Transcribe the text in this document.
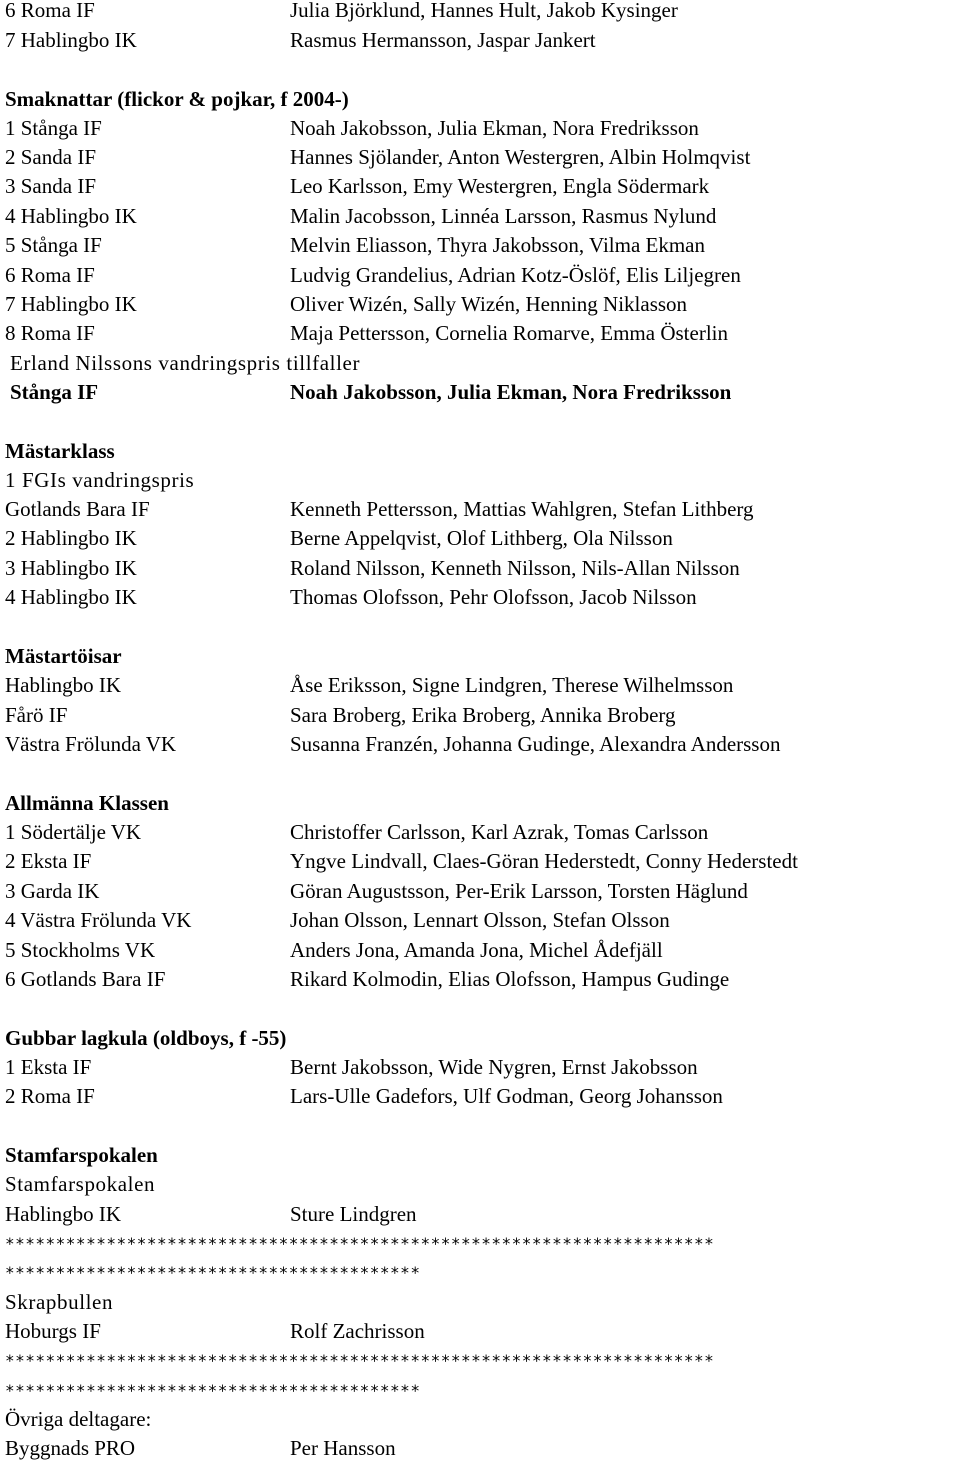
6 Roma IF	Julia Björklund, Hannes Hult, Jakob Kysinger
7 Hablingbo IK	Rasmus Hermansson, Jaspar Jankert
Smaknattar (flickor & pojkar, f 2004-)
1 Stånga IF	Noah Jakobsson, Julia Ekman, Nora Fredriksson
2 Sanda IF	Hannes Sjölander, Anton Westergren, Albin Holmqvist
3 Sanda IF	Leo Karlsson, Emy Westergren, Engla Södermark
4 Hablingbo IK	Malin Jacobsson, Linnéa Larsson, Rasmus Nylund
5 Stånga IF	Melvin Eliasson, Thyra Jakobsson, Vilma Ekman
6 Roma IF	Ludvig Grandelius, Adrian Kotz-Öslöf, Elis Liljegren
7 Hablingbo IK	Oliver Wizén, Sally Wizén, Henning Niklasson
8 Roma IF	Maja Pettersson, Cornelia Romarve, Emma Österlin
Erland Nilssons vandringspris tillfaller
Stånga IF	Noah Jakobsson, Julia Ekman, Nora Fredriksson
Mästarklass
1 FGIs vandringspris
Gotlands Bara IF	Kenneth Pettersson, Mattias Wahlgren, Stefan Lithberg
2 Hablingbo IK	Berne Appelqvist, Olof Lithberg, Ola Nilsson
3 Hablingbo IK	Roland Nilsson, Kenneth Nilsson, Nils-Allan Nilsson
4 Hablingbo IK	Thomas Olofsson, Pehr Olofsson, Jacob Nilsson
Mästartöisar
Hablingbo IK	Åse Eriksson, Signe Lindgren, Therese Wilhelmsson
Fårö IF	Sara Broberg, Erika Broberg, Annika Broberg
Västra Frölunda VK	Susanna Franzén, Johanna Gudinge, Alexandra Andersson
Allmänna Klassen
1 Södertälje VK	Christoffer Carlsson, Karl Azrak, Tomas Carlsson
2 Eksta IF	Yngve Lindvall, Claes-Göran Hederstedt, Conny Hederstedt
3 Garda IK	Göran Augustsson, Per-Erik Larsson, Torsten Häglund
4 Västra Frölunda VK	Johan Olsson, Lennart Olsson, Stefan Olsson
5 Stockholms VK	Anders Jona, Amanda Jona, Michel Ådefjäll
6 Gotlands Bara IF	Rikard Kolmodin, Elias Olofsson, Hampus Gudinge
Gubbar lagkula (oldboys, f -55)
1 Eksta IF	Bernt Jakobsson, Wide Nygren, Ernst Jakobsson
2 Roma IF	Lars-Ulle Gadefors, Ulf Godman, Georg Johansson
Stamfarspokalen
Stamfarspokalen
Hablingbo IK	Sture Lindgren
**********************************************************************
*****************************************
Skrapbullen
Hoburgs IF	Rolf Zachrisson
**********************************************************************
*****************************************
Övriga deltagare:
Byggnads PRO	Per Hansson
